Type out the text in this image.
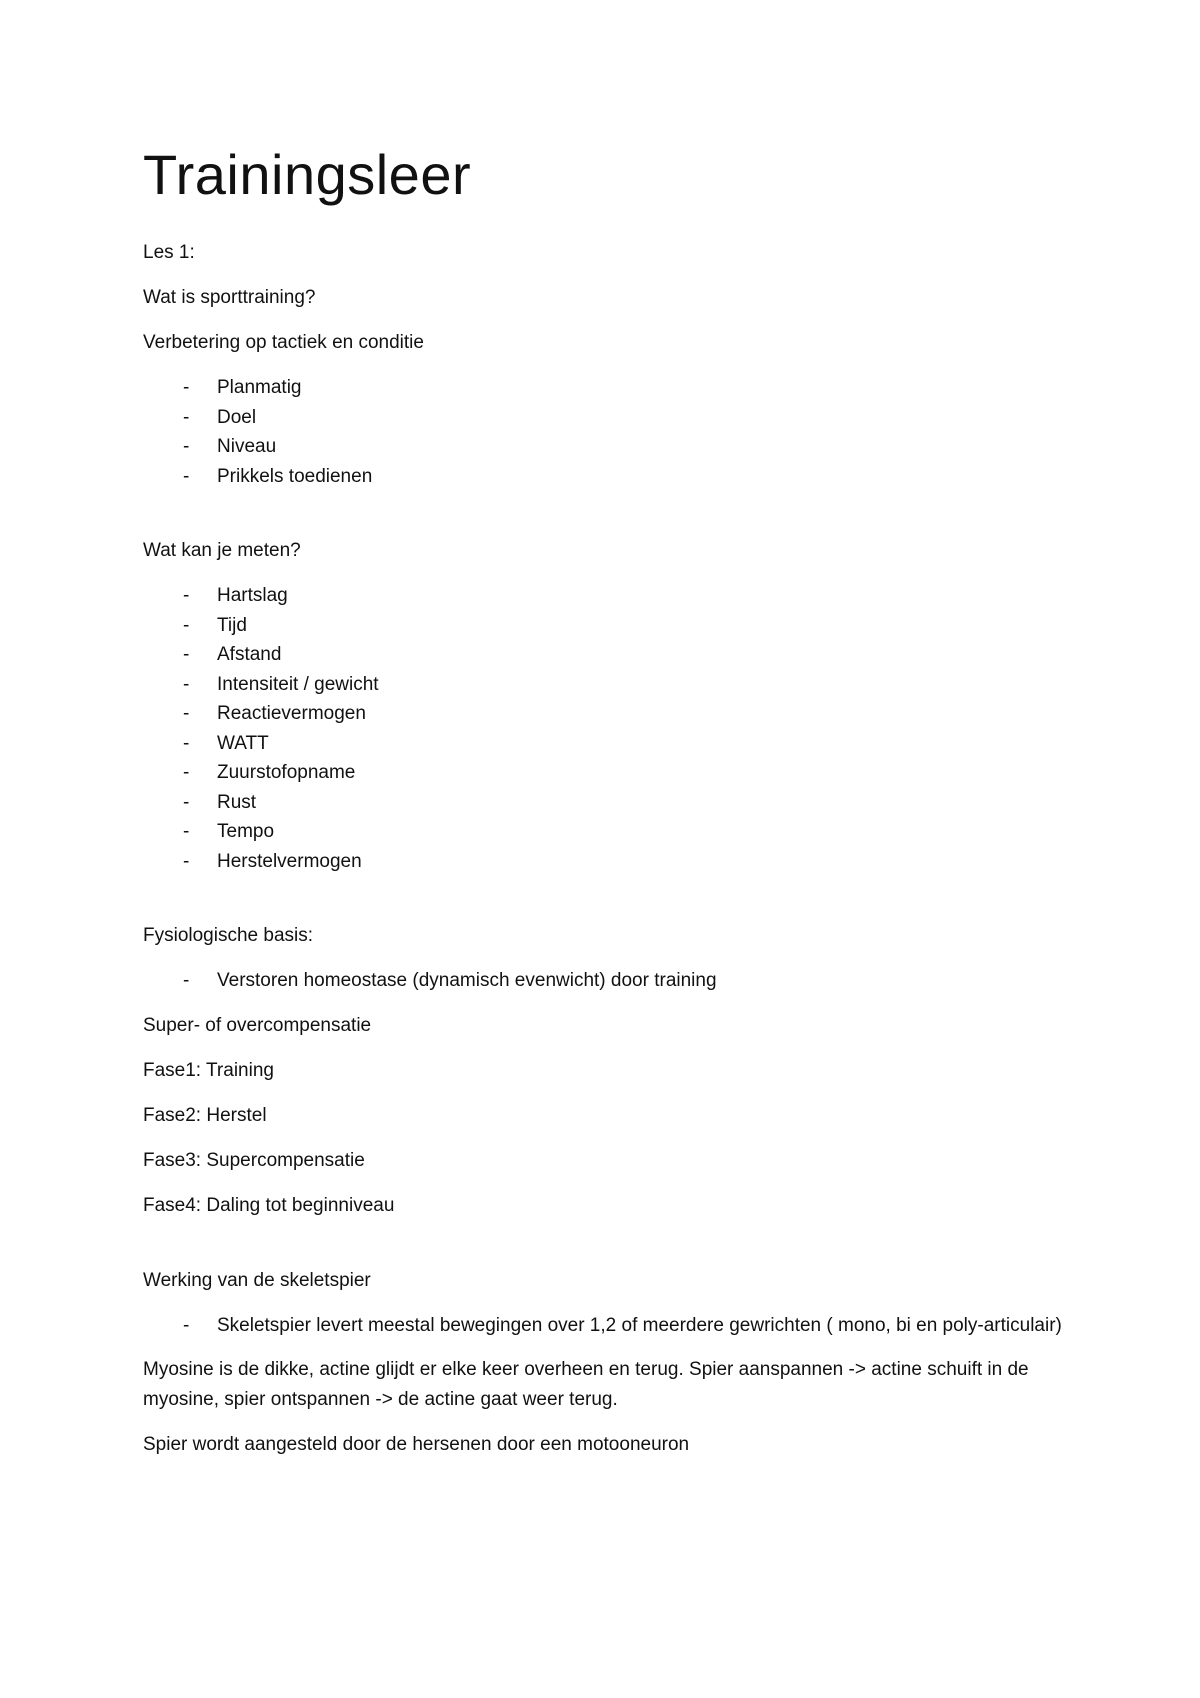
Trainingsleer

Les 1:

Wat is sporttraining?

Verbetering op tactiek en conditie

- Planmatig
- Doel
- Niveau
- Prikkels toedienen

Wat kan je meten?

- Hartslag
- Tijd
- Afstand
- Intensiteit / gewicht
- Reactievermogen
- WATT
- Zuurstofopname
- Rust
- Tempo
- Herstelvermogen

Fysiologische basis:

- Verstoren homeostase (dynamisch evenwicht) door training

Super- of overcompensatie

Fase1: Training

Fase2: Herstel

Fase3: Supercompensatie

Fase4: Daling tot beginniveau

Werking van de skeletspier

- Skeletspier levert meestal bewegingen over 1,2 of meerdere gewrichten ( mono, bi en poly-articulair)

Myosine is de dikke, actine glijdt er elke keer overheen en terug. Spier aanspannen -> actine schuift in de myosine, spier ontspannen -> de actine gaat weer terug.

Spier wordt aangesteld door de hersenen door een motooneuron
